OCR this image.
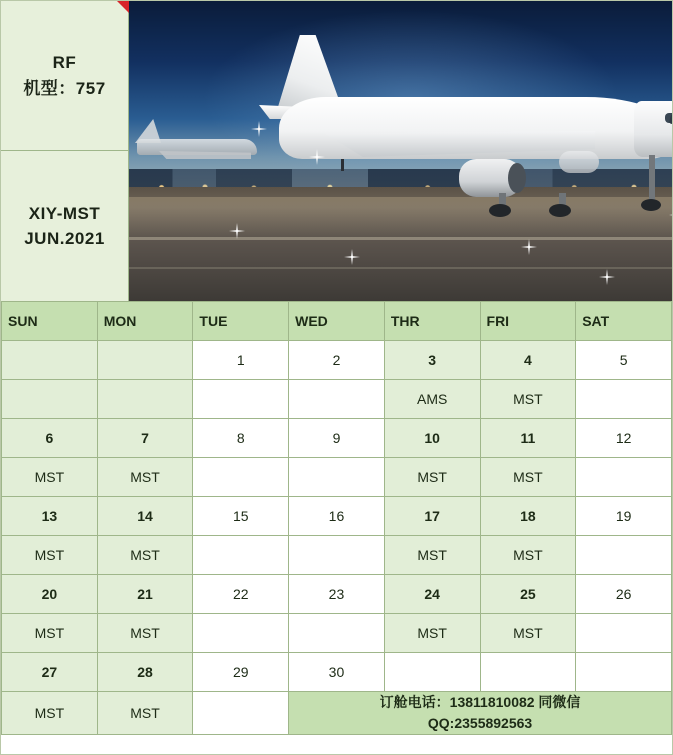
RF
机型：757
XIY-MST
JUN.2021
SUN	MON	TUE	WED	THR	FRI	SAT
		1	2	3	4	5
				AMS	MST	
6	7	8	9	10	11	12
MST	MST			MST	MST	
13	14	15	16	17	18	19
MST	MST			MST	MST	
20	21	22	23	24	25	26
MST	MST			MST	MST	
27	28	29	30			
MST	MST		订舱电话：13811810082 同微信
QQ:2355892563			
